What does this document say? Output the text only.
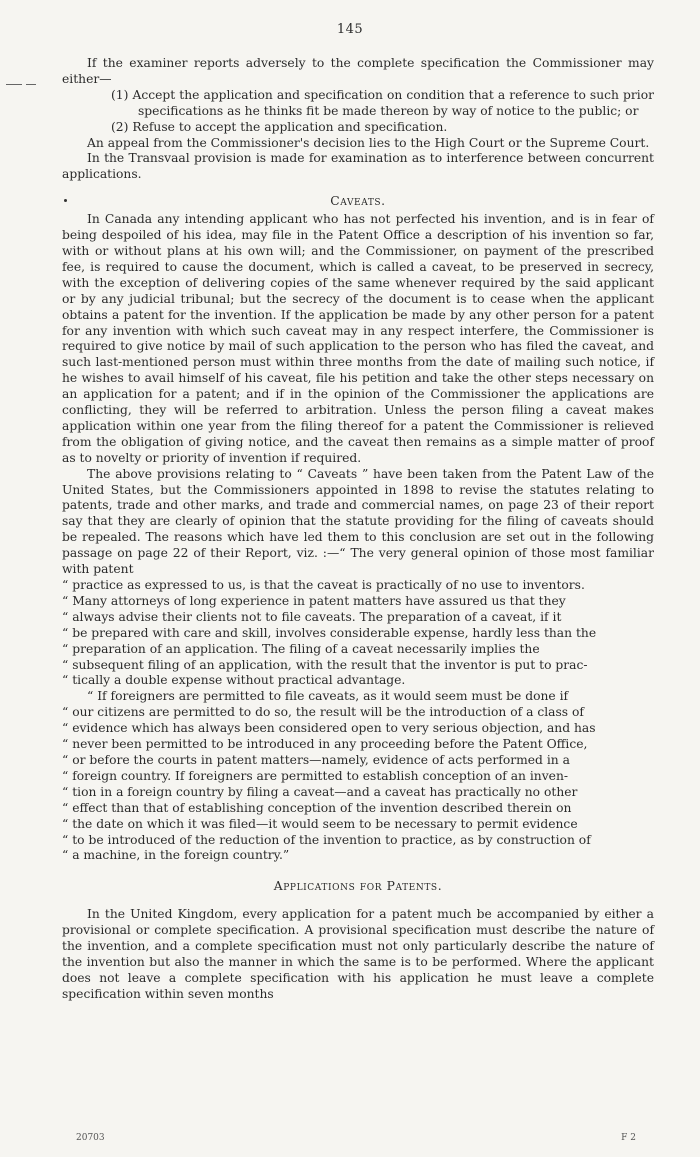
145

If the examiner reports adversely to the complete specification the Commissioner may either—

(1) Accept the application and specification on condition that a reference to such prior specifications as he thinks fit be made thereon by way of notice to the public; or

(2) Refuse to accept the application and specification.

An appeal from the Commissioner's decision lies to the High Court or the Supreme Court.

In the Transvaal provision is made for examination as to interference between concurrent applications.

Caveats.

In Canada any intending applicant who has not perfected his invention, and is in fear of being despoiled of his idea, may file in the Patent Office a description of his invention so far, with or without plans at his own will; and the Commissioner, on payment of the prescribed fee, is required to cause the document, which is called a caveat, to be preserved in secrecy, with the exception of delivering copies of the same whenever required by the said applicant or by any judicial tribunal; but the secrecy of the document is to cease when the applicant obtains a patent for the invention. If the application be made by any other person for a patent for any invention with which such caveat may in any respect interfere, the Commissioner is required to give notice by mail of such application to the person who has filed the caveat, and such last-mentioned person must within three months from the date of mailing such notice, if he wishes to avail himself of his caveat, file his petition and take the other steps necessary on an application for a patent; and if in the opinion of the Commissioner the applications are conflicting, they will be referred to arbitration. Unless the person filing a caveat makes application within one year from the filing thereof for a patent the Commissioner is relieved from the obligation of giving notice, and the caveat then remains as a simple matter of proof as to novelty or priority of invention if required.

The above provisions relating to “ Caveats ” have been taken from the Patent Law of the United States, but the Commissioners appointed in 1898 to revise the statutes relating to patents, trade and other marks, and trade and commercial names, on page 23 of their report say that they are clearly of opinion that the statute providing for the filing of caveats should be repealed. The reasons which have led them to this conclusion are set out in the following passage on page 22 of their Report, viz. :—“ The very general opinion of those most familiar with patent

“ practice as expressed to us, is that the caveat is practically of no use to inventors.

“ Many attorneys of long experience in patent matters have assured us that they

“ always advise their clients not to file caveats. The preparation of a caveat, if it

“ be prepared with care and skill, involves considerable expense, hardly less than the

“ preparation of an application. The filing of a caveat necessarily implies the

“ subsequent filing of an application, with the result that the inventor is put to prac-

“ tically a double expense without practical advantage.

“ If foreigners are permitted to file caveats, as it would seem must be done if

“ our citizens are permitted to do so, the result will be the introduction of a class of

“ evidence which has always been considered open to very serious objection, and has

“ never been permitted to be introduced in any proceeding before the Patent Office,

“ or before the courts in patent matters—namely, evidence of acts performed in a

“ foreign country. If foreigners are permitted to establish conception of an inven-

“ tion in a foreign country by filing a caveat—and a caveat has practically no other

“ effect than that of establishing conception of the invention described therein on

“ the date on which it was filed—it would seem to be necessary to permit evidence

“ to be introduced of the reduction of the invention to practice, as by construction of

“ a machine, in the foreign country.”

Applications for Patents.

In the United Kingdom, every application for a patent much be accompanied by either a provisional or complete specification. A provisional specification must describe the nature of the invention, and a complete specification must not only particularly describe the nature of the invention but also the manner in which the same is to be performed. Where the applicant does not leave a complete specification with his application he must leave a complete specification within seven months

20703	F 2
